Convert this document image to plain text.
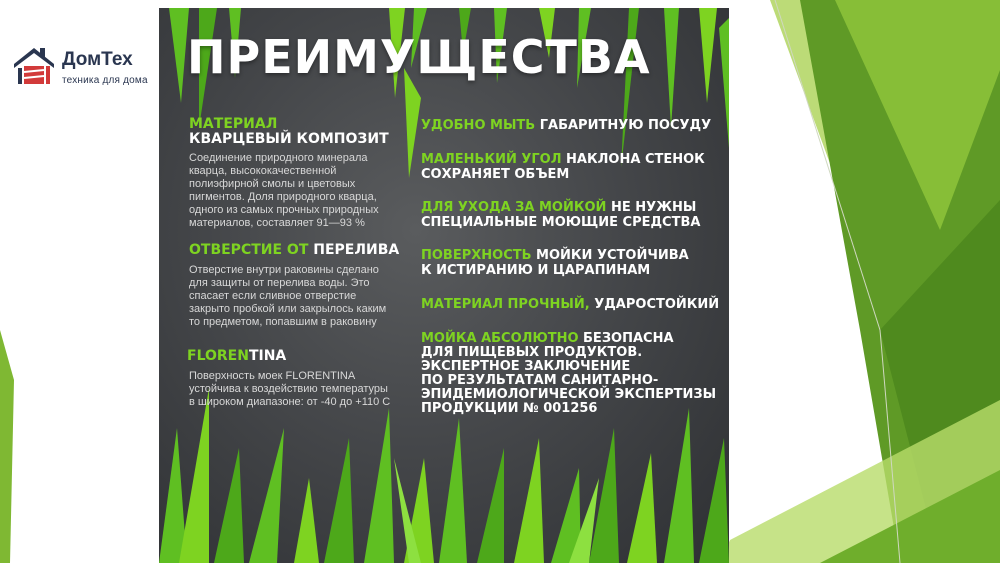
ДомТех
техника для дома ПРЕИМУЩЕСТВА
МАТЕРИАЛ
КВАРЦЕВЫЙ КОМПОЗИТ
Соединение природного минерала
кварца, высококачественной
полиэфирной смолы и цветовых
пигментов. Доля природного кварца,
одного из самых прочных природных
материалов, составляет 91—93 %
ОТВЕРСТИЕ ОТ ПЕРЕЛИВА
Отверстие внутри раковины сделано
для защиты от перелива воды. Это
спасает если сливное отверстие
закрыто пробкой или закрылось каким
то предметом, попавшим в раковину
FLORENTINA
Поверхность моек FLORENTINA
устойчива к воздействию температуры
в широком диапазоне: от -40 до +110 С
УДОБНО МЫТЬ ГАБАРИТНУЮ ПОСУДУ
МАЛЕНЬКИЙ УГОЛ НАКЛОНА СТЕНОК
СОХРАНЯЕТ ОБЪЕМ
ДЛЯ УХОДА ЗА МОЙКОЙ НЕ НУЖНЫ
СПЕЦИАЛЬНЫЕ МОЮЩИЕ СРЕДСТВА
ПОВЕРХНОСТЬ МОЙКИ УСТОЙЧИВА
К ИСТИРАНИЮ И ЦАРАПИНАМ
МАТЕРИАЛ ПРОЧНЫЙ, УДАРОСТОЙКИЙ
МОЙКА АБСОЛЮТНО БЕЗОПАСНА
ДЛЯ ПИЩЕВЫХ ПРОДУКТОВ.
ЭКСПЕРТНОЕ ЗАКЛЮЧЕНИЕ
ПО РЕЗУЛЬТАТАМ САНИТАРНО-
ЭПИДЕМИОЛОГИЧЕСКОЙ ЭКСПЕРТИЗЫ
ПРОДУКЦИИ № 001256
